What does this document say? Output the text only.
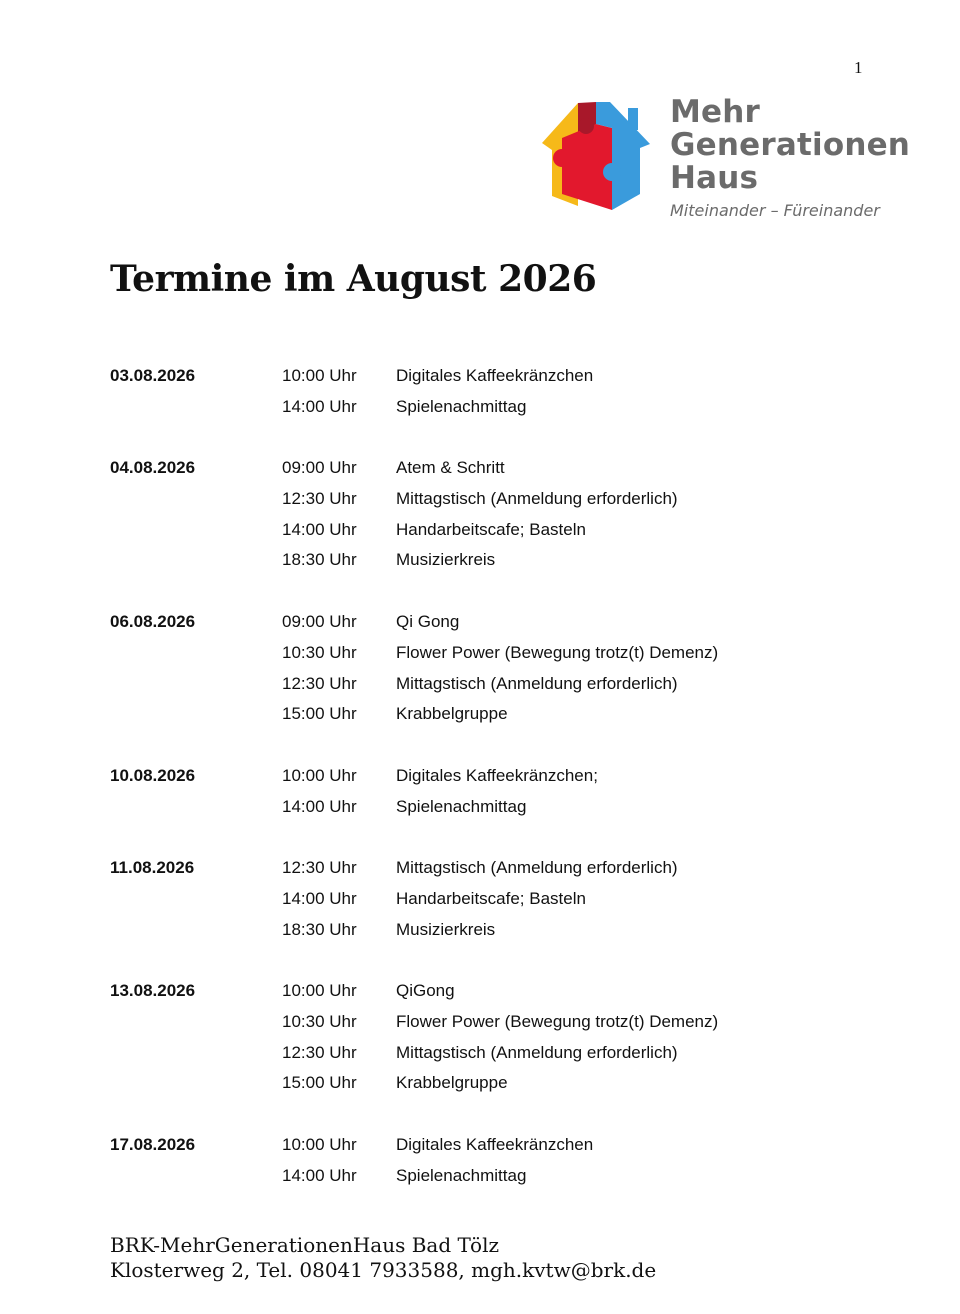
1
Mehr
Generationen
Haus
Miteinander – Füreinander
Termine im August 2026
03.08.2026	10:00 Uhr Digitales Kaffeekränzchen
14:00 Uhr Spielenachmittag
04.08.2026	09:00 Uhr Atem & Schritt
12:30 Uhr Mittagstisch (Anmeldung erforderlich)
14:00 Uhr Handarbeitscafe; Basteln
18:30 Uhr Musizierkreis
06.08.2026	09:00 Uhr Qi Gong
10:30 Uhr Flower Power (Bewegung trotz(t) Demenz)
12:30 Uhr Mittagstisch (Anmeldung erforderlich)
15:00 Uhr Krabbelgruppe
10.08.2026	10:00 Uhr Digitales Kaffeekränzchen;
14:00 Uhr Spielenachmittag
11.08.2026	12:30 Uhr Mittagstisch (Anmeldung erforderlich)
14:00 Uhr Handarbeitscafe; Basteln
18:30 Uhr Musizierkreis
13.08.2026	10:00 Uhr QiGong
10:30 Uhr Flower Power (Bewegung trotz(t) Demenz)
12:30 Uhr Mittagstisch (Anmeldung erforderlich)
15:00 Uhr Krabbelgruppe
17.08.2026	10:00 Uhr Digitales Kaffeekränzchen
14:00 Uhr Spielenachmittag
BRK-MehrGenerationenHaus Bad Tölz
Klosterweg 2, Tel. 08041 7933588, mgh.kvtw@brk.de
